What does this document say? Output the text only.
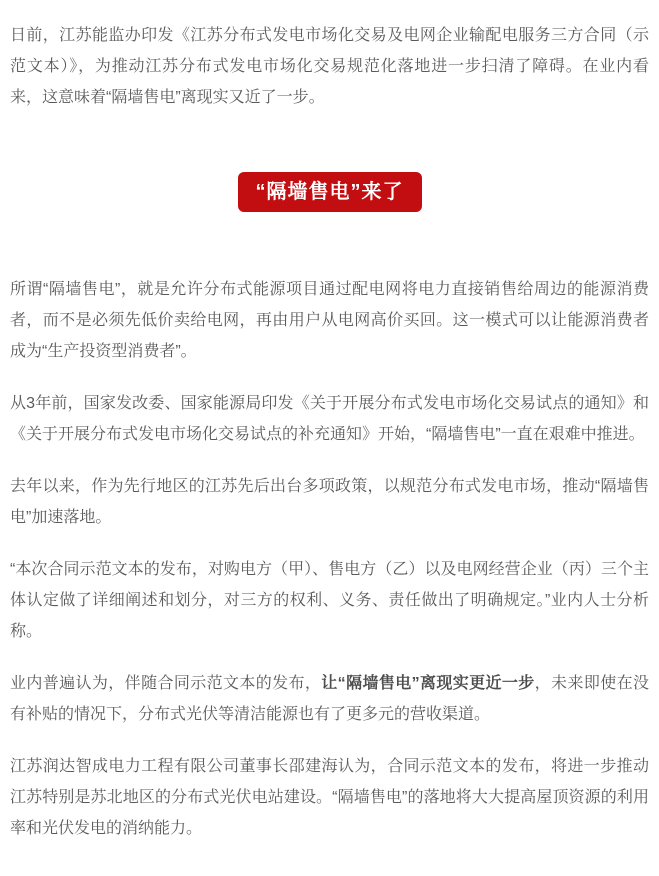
日前，江苏能监办印发《江苏分布式发电市场化交易及电网企业输配电服务三方合同（示范文本）》，为推动江苏分布式发电市场化交易规范化落地进一步扫清了障碍。在业内看来，这意味着“隔墙售电”离现实又近了一步。

“隔墙售电”来了

所谓“隔墙售电”，就是允许分布式能源项目通过配电网将电力直接销售给周边的能源消费者，而不是必须先低价卖给电网，再由用户从电网高价买回。这一模式可以让能源消费者成为“生产投资型消费者”。

从3年前，国家发改委、国家能源局印发《关于开展分布式发电市场化交易试点的通知》和《关于开展分布式发电市场化交易试点的补充通知》开始，“隔墙售电”一直在艰难中推进。

去年以来，作为先行地区的江苏先后出台多项政策，以规范分布式发电市场，推动“隔墙售电”加速落地。

“本次合同示范文本的发布，对购电方（甲）、售电方（乙）以及电网经营企业（丙）三个主体认定做了详细阐述和划分，对三方的权利、义务、责任做出了明确规定。”业内人士分析称。

业内普遍认为，伴随合同示范文本的发布，让“隔墙售电”离现实更近一步，未来即使在没有补贴的情况下，分布式光伏等清洁能源也有了更多元的营收渠道。

江苏润达智成电力工程有限公司董事长邵建海认为，合同示范文本的发布，将进一步推动江苏特别是苏北地区的分布式光伏电站建设。“隔墙售电”的落地将大大提高屋顶资源的利用率和光伏发电的消纳能力。
